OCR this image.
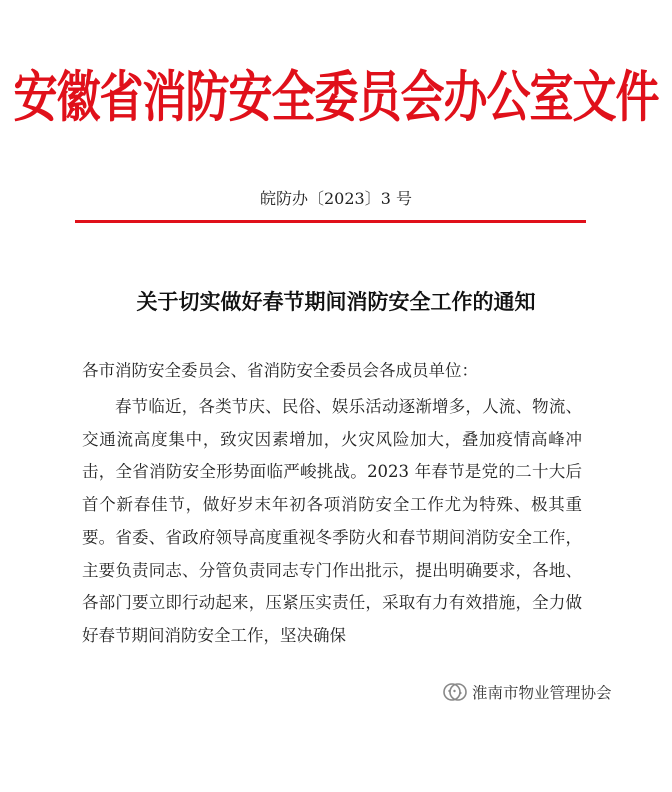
安徽省消防安全委员会办公室文件
皖防办〔2023〕3 号
关于切实做好春节期间消防安全工作的通知
各市消防安全委员会、省消防安全委员会各成员单位：
春节临近，各类节庆、民俗、娱乐活动逐渐增多，人流、物流、交通流高度集中，致灾因素增加，火灾风险加大，叠加疫情高峰冲击，全省消防安全形势面临严峻挑战。2023 年春节是党的二十大后首个新春佳节，做好岁末年初各项消防安全工作尤为特殊、极其重要。省委、省政府领导高度重视冬季防火和春节期间消防安全工作，主要负责同志、分管负责同志专门作出批示，提出明确要求，各地、各部门要立即行动起来，压紧压实责任，采取有力有效措施，全力做好春节期间消防安全工作，坚决确保
淮南市物业管理协会
